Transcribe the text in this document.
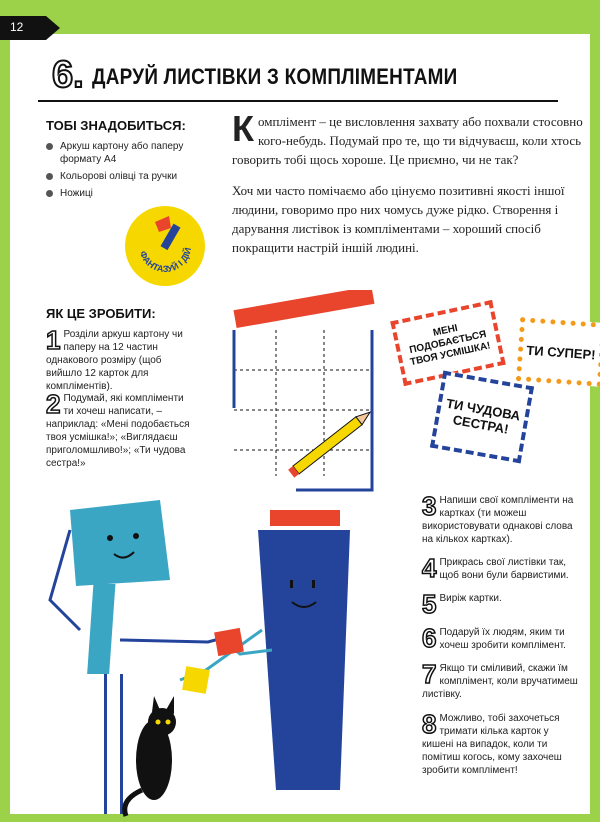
12
6. ДАРУЙ ЛИСТІВКИ З КОМПЛІМЕНТАМИ
ТОБІ ЗНАДОБИТЬСЯ:
Аркуш картону або паперу формату А4
Кольорові олівці та ручки
Ножиці
ФАНТАЗУЙ І ДІЙ

Комплімент – це висловлення захвату або похвали стосовно кого-небудь. Подумай про те, що ти відчуваєш, коли хтось говорить тобі щось хороше. Це приємно, чи не так?

Хоч ми часто помічаємо або цінуємо позитивні якості іншої людини, говоримо про них чомусь дуже рідко. Створення і дарування листівок із компліментами – хороший спосіб покращити настрій іншій людині.

ЯК ЦЕ ЗРОБИТИ:
1 Розділи аркуш картону чи паперу на 12 частин однакового розміру (щоб вийшло 12 карток для компліментів).
2 Подумай, які компліменти ти хочеш написати, – наприклад: «Мені подобається твоя усмішка!»; «Виглядаєш приголомшливо!»; «Ти чудова сестра!»
3 Напиши свої компліменти на картках (ти можеш використовувати однакові слова на кількох картках).
4 Прикрась свої листівки так, щоб вони були барвистими.
5 Виріж картки.
6 Подаруй їх людям, яким ти хочеш зробити комплімент.
7 Якщо ти сміливий, скажи їм комплімент, коли вручатимеш листівку.
8 Можливо, тобі захочеться тримати кілька карток у кишені на випадок, коли ти помітиш когось, кому захочеш зробити комплімент!
МЕНІ ПОДОБАЄТЬСЯ ТВОЯ УСМІШКА!	ТИ СУПЕР!
ТИ ЧУДОВА СЕСТРА!
